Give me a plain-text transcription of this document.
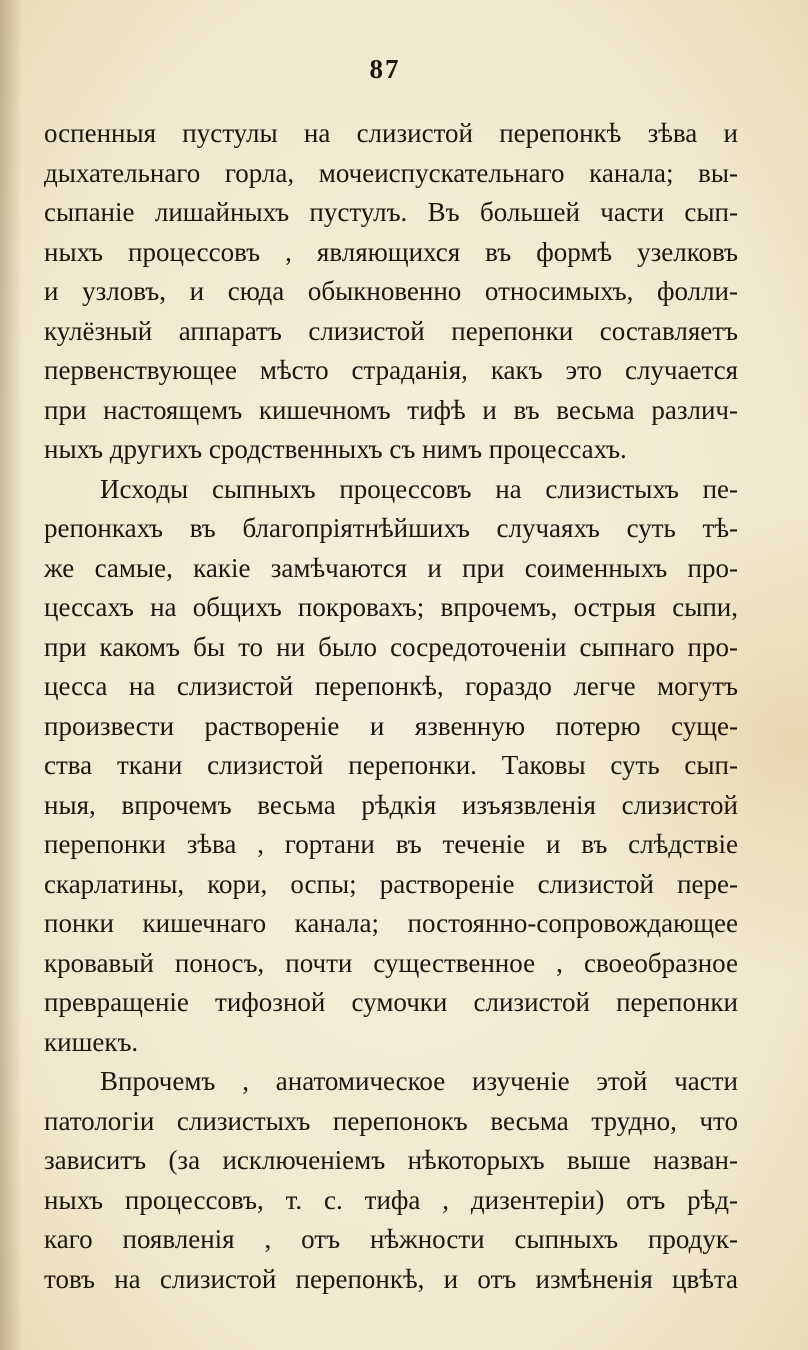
87
оспенныя пустулы на слизистой перепонкѣ зѣва и
дыхательнаго горла, мочеиспускательнаго канала; вы-
сыпаніе лишайныхъ пустулъ. Въ большей части сып-
ныхъ процессовъ , являющихся въ формѣ узелковъ
и узловъ, и сюда обыкновенно относимыхъ, фолли-
кулёзный аппаратъ слизистой перепонки составляетъ
первенствующее мѣсто страданія, какъ это случается
при настоящемъ кишечномъ тифѣ и въ весьма различ-
ныхъ другихъ сродственныхъ съ нимъ процессахъ.
Исходы сыпныхъ процессовъ на слизистыхъ пе-
репонкахъ въ благопріятнѣйшихъ случаяхъ суть тѣ-
же самые, какіе замѣчаются и при соименныхъ про-
цессахъ на общихъ покровахъ; впрочемъ, острыя сыпи,
при какомъ бы то ни было сосредоточеніи сыпнаго про-
цесса на слизистой перепонкѣ, гораздо легче могутъ
произвести раствореніе и язвенную потерю суще-
ства ткани слизистой перепонки. Таковы суть сып-
ныя, впрочемъ весьма рѣдкія изъязвленія слизистой
перепонки зѣва , гортани въ теченіе и въ слѣдствіе
скарлатины, кори, оспы; раствореніе слизистой пере-
понки кишечнаго канала; постоянно-сопровождающее
кровавый поносъ, почти существенное , своеобразное
превращеніе тифозной сумочки слизистой перепонки
кишекъ.
Впрочемъ , анатомическое изученіе этой части
патологіи слизистыхъ перепонокъ весьма трудно, что
зависитъ (за исключеніемъ нѣкоторыхъ выше назван-
ныхъ процессовъ, т. с. тифа , дизентеріи) отъ рѣд-
каго появленія , отъ нѣжности сыпныхъ продук-
товъ на слизистой перепонкѣ, и отъ измѣненія цвѣта
